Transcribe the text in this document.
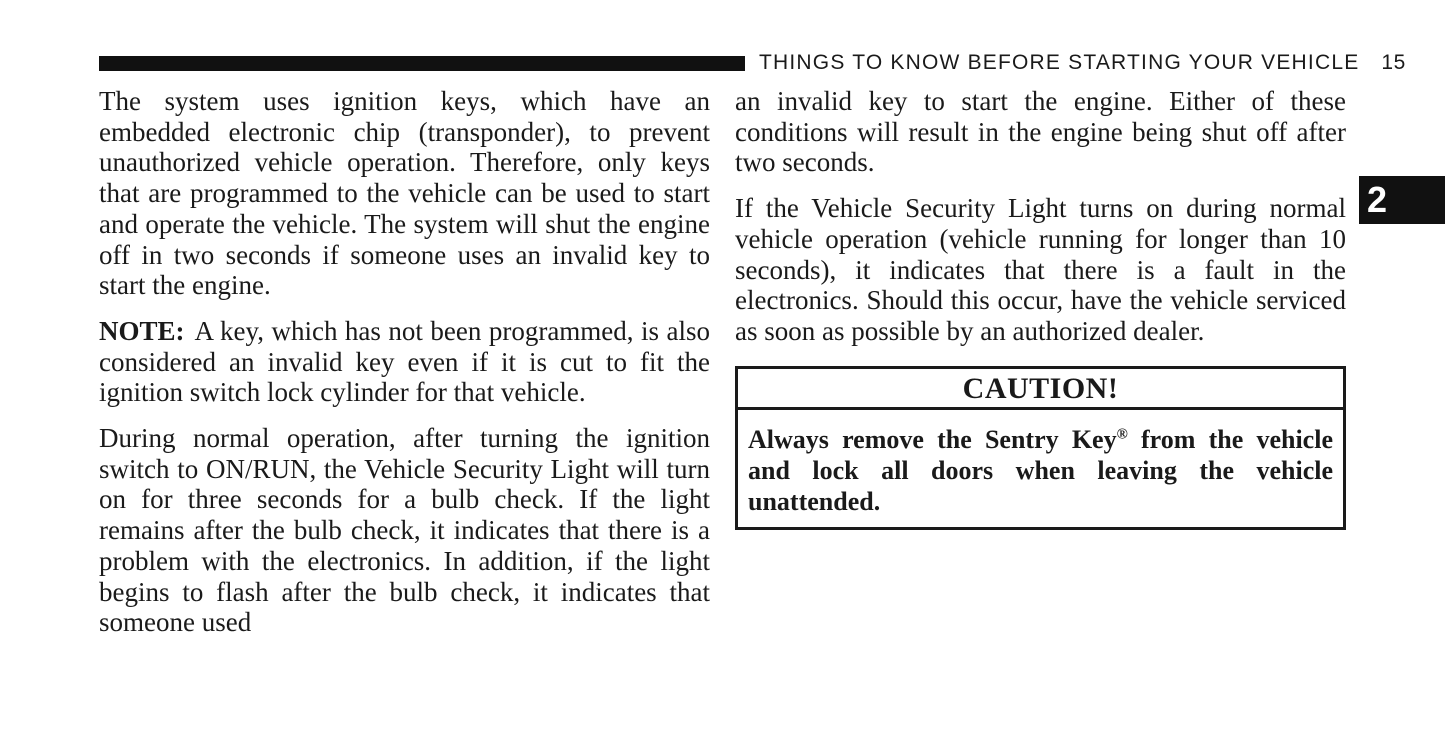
THINGS TO KNOW BEFORE STARTING YOUR VEHICLE 15
2

The system uses ignition keys, which have an embedded electronic chip (transponder), to prevent unauthorized vehicle operation. Therefore, only keys that are programmed to the vehicle can be used to start and operate the vehicle. The system will shut the engine off in two seconds if someone uses an invalid key to start the engine.

NOTE: A key, which has not been programmed, is also considered an invalid key even if it is cut to fit the ignition switch lock cylinder for that vehicle.

During normal operation, after turning the ignition switch to ON/RUN, the Vehicle Security Light will turn on for three seconds for a bulb check. If the light remains after the bulb check, it indicates that there is a problem with the electronics. In addition, if the light begins to flash after the bulb check, it indicates that someone used

an invalid key to start the engine. Either of these conditions will result in the engine being shut off after two seconds.

If the Vehicle Security Light turns on during normal vehicle operation (vehicle running for longer than 10 seconds), it indicates that there is a fault in the electronics. Should this occur, have the vehicle serviced as soon as possible by an authorized dealer.

CAUTION!
Always remove the Sentry Key® from the vehicle and lock all doors when leaving the vehicle unattended.
